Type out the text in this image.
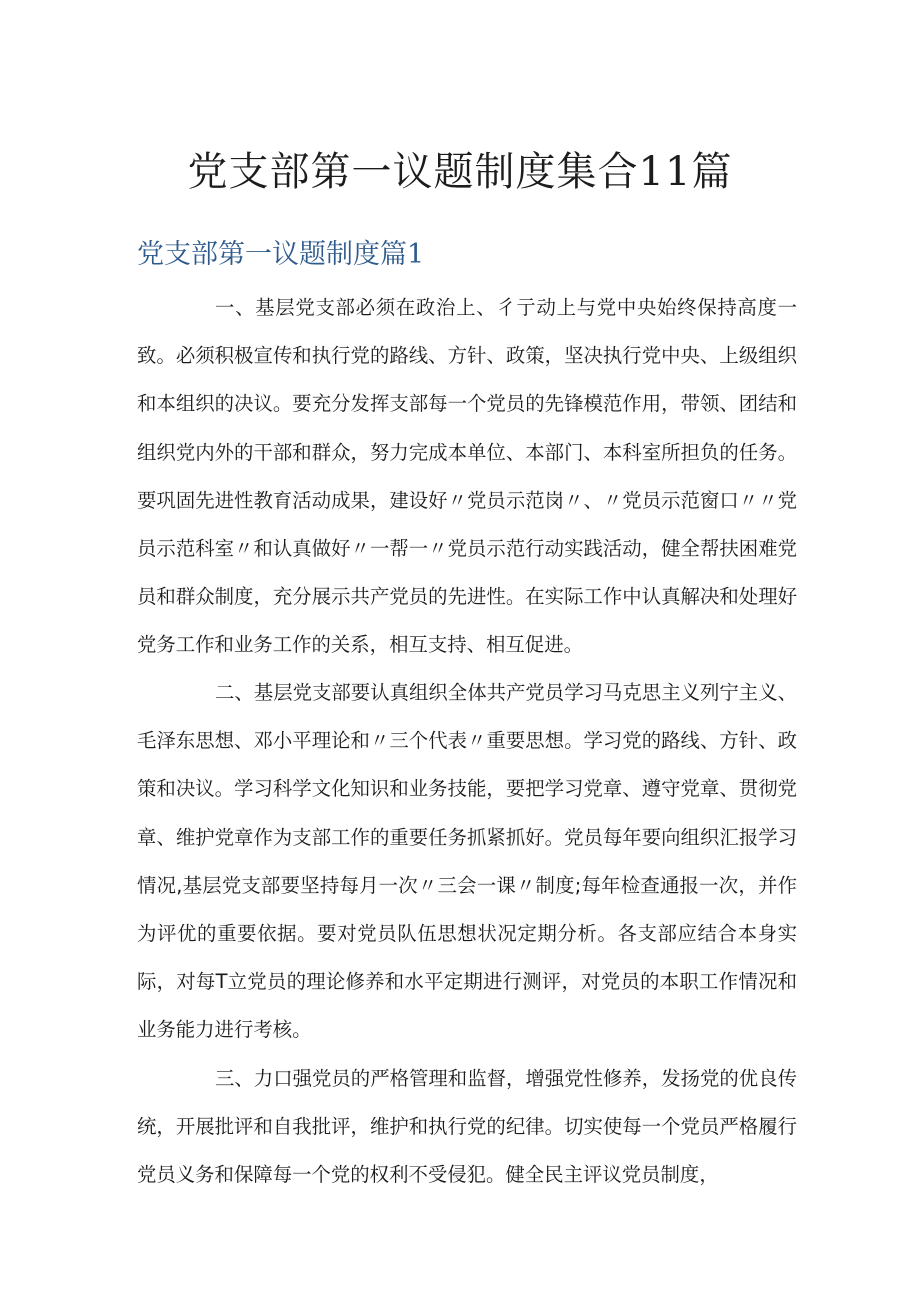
党支部第一议题制度集合11篇
党支部第一议题制度篇1

一、基层党支部必须在政治上、彳亍动上与党中央始终保持高度一致。必须积极宣传和执行党的路线、方针、政策，坚决执行党中央、上级组织和本组织的决议。要充分发挥支部每一个党员的先锋模范作用，带领、团结和组织党内外的干部和群众，努力完成本单位、本部门、本科室所担负的任务。要巩固先进性教育活动成果，建设好〃党员示范岗〃、〃党员示范窗口〃〃党员示范科室〃和认真做好〃一帮一〃党员示范行动实践活动，健全帮扶困难党员和群众制度，充分展示共产党员的先进性。在实际工作中认真解决和处理好党务工作和业务工作的关系，相互支持、相互促进。

二、基层党支部要认真组织全体共产党员学习马克思主义列宁主义、毛泽东思想、邓小平理论和〃三个代表〃重要思想。学习党的路线、方针、政策和决议。学习科学文化知识和业务技能，要把学习党章、遵守党章、贯彻党章、维护党章作为支部工作的重要任务抓紧抓好。党员每年要向组织汇报学习情况,基层党支部要坚持每月一次〃三会一课〃制度;每年检查通报一次，并作为评优的重要依据。要对党员队伍思想状况定期分析。各支部应结合本身实际，对每T立党员的理论修养和水平定期进行测评，对党员的本职工作情况和业务能力进行考核。

三、力口强党员的严格管理和监督，增强党性修养，发扬党的优良传统，开展批评和自我批评，维护和执行党的纪律。切实使每一个党员严格履行党员义务和保障每一个党的权利不受侵犯。健全民主评议党员制度，
